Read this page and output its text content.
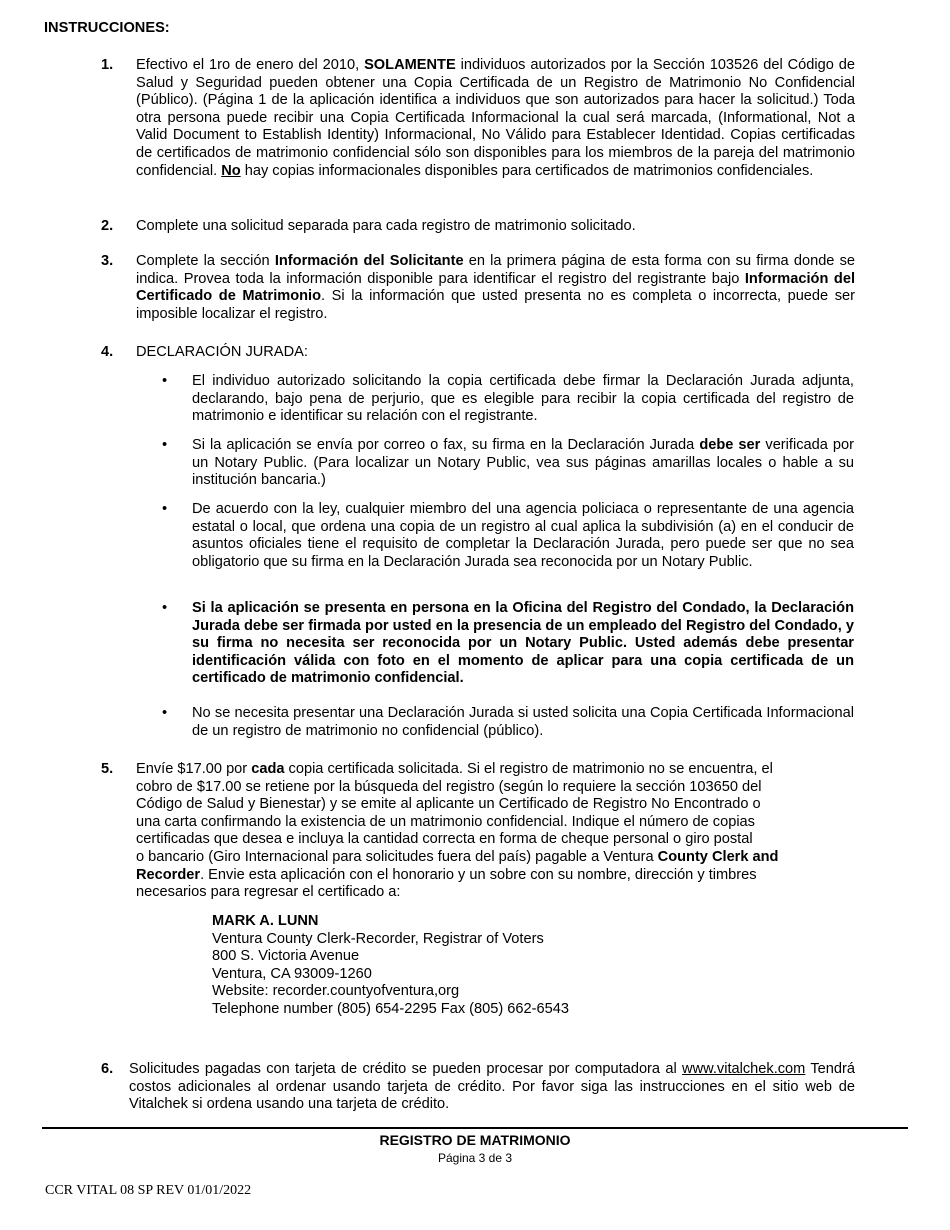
INSTRUCCIONES:
1. Efectivo el 1ro de enero del 2010, SOLAMENTE individuos autorizados por la Sección 103526 del Código de Salud y Seguridad pueden obtener una Copia Certificada de un Registro de Matrimonio No Confidencial (Público). (Página 1 de la aplicación identifica a individuos que son autorizados para hacer la solicitud.) Toda otra persona puede recibir una Copia Certificada Informacional la cual será marcada, (Informational, Not a Valid Document to Establish Identity) Informacional, No Válido para Establecer Identidad. Copias certificadas de certificados de matrimonio confidencial sólo son disponibles para los miembros de la pareja del matrimonio confidencial. No hay copias informacionales disponibles para certificados de matrimonios confidenciales.
2. Complete una solicitud separada para cada registro de matrimonio solicitado.
3. Complete la sección Información del Solicitante en la primera página de esta forma con su firma donde se indica. Provea toda la información disponible para identificar el registro del registrante bajo Información del Certificado de Matrimonio. Si la información que usted presenta no es completa o incorrecta, puede ser imposible localizar el registro.
4. DECLARACIÓN JURADA:
• El individuo autorizado solicitando la copia certificada debe firmar la Declaración Jurada adjunta, declarando, bajo pena de perjurio, que es elegible para recibir la copia certificada del registro de matrimonio e identificar su relación con el registrante.
• Si la aplicación se envía por correo o fax, su firma en la Declaración Jurada debe ser verificada por un Notary Public. (Para localizar un Notary Public, vea sus páginas amarillas locales o hable a su institución bancaria.)
• De acuerdo con la ley, cualquier miembro del una agencia policiaca o representante de una agencia estatal o local, que ordena una copia de un registro al cual aplica la subdivisión (a) en el conducir de asuntos oficiales tiene el requisito de completar la Declaración Jurada, pero puede ser que no sea obligatorio que su firma en la Declaración Jurada sea reconocida por un Notary Public.
• Si la aplicación se presenta en persona en la Oficina del Registro del Condado, la Declaración Jurada debe ser firmada por usted en la presencia de un empleado del Registro del Condado, y su firma no necesita ser reconocida por un Notary Public. Usted además debe presentar identificación válida con foto en el momento de aplicar para una copia certificada de un certificado de matrimonio confidencial.
• No se necesita presentar una Declaración Jurada si usted solicita una Copia Certificada Informacional de un registro de matrimonio no confidencial (público).
5. Envíe $17.00 por cada copia certificada solicitada. Si el registro de matrimonio no se encuentra, el
cobro de $17.00 se retiene por la búsqueda del registro (según lo requiere la sección 103650 del
Código de Salud y Bienestar) y se emite al aplicante un Certificado de Registro No Encontrado o
una carta confirmando la existencia de un matrimonio confidencial. Indique el número de copias
certificadas que desea e incluya la cantidad correcta en forma de cheque personal o giro postal
o bancario (Giro Internacional para solicitudes fuera del país) pagable a Ventura County Clerk and
Recorder. Envie esta aplicación con el honorario y un sobre con su nombre, dirección y timbres
necesarios para regresar el certificado a:
MARK A. LUNN
Ventura County Clerk-Recorder, Registrar of Voters
800 S. Victoria Avenue
Ventura, CA 93009-1260
Website: recorder.countyofventura,org
Telephone number (805) 654-2295 Fax (805) 662-6543
6. Solicitudes pagadas con tarjeta de crédito se pueden procesar por computadora al www.vitalchek.com Tendrá costos adicionales al ordenar usando tarjeta de crédito. Por favor siga las instrucciones en el sitio web de Vitalchek si ordena usando una tarjeta de crédito.
REGISTRO DE MATRIMONIO
Página 3 de 3
CCR VITAL 08 SP REV 01/01/2022
